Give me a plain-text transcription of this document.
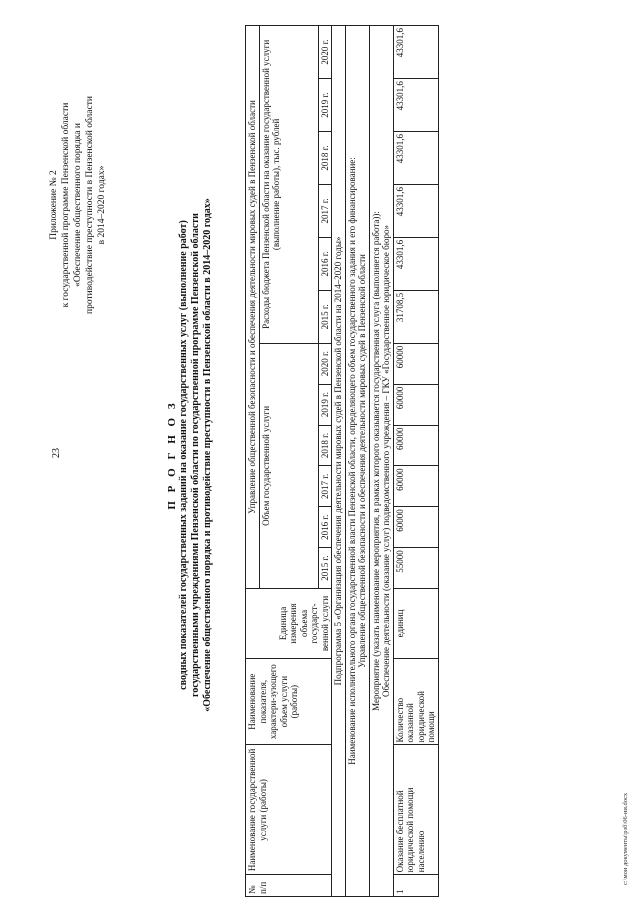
23
Приложение № 2 к государственной программе Пензенской области «Обеспечение общественного порядка и противодействие преступности в Пензенской области в 2014–2020 годах»
П Р О Г Н О З сводных показателей государственных заданий на оказание государственных услуг (выполнение работ) государственными учреждениями Пензенской области по государственной программе Пензенской области «Обеспечение общественного порядка и противодействие преступности в Пензенской области в 2014–2020 годах»
№ п/п	Наименование государственной услуги (работы)	Наименование показателя, характери-зующего объем услуги (работы)	Единица измерения объема государст-венной услуги	Управление общественной безопасности и обеспечения деятельности мировых судей в Пензенской области											
				Объем государственной услуги						Расходы бюджета Пензенской области на оказание государственной услуги (выполнение работы), тыс. рублей					
				2015 г.	2016 г.	2017 г.	2018 г.	2019 г.	2020 г.	2015 г.	2016 г.	2017 г.	2018 г.	2019 г.	2020 г.
Подпрограмма 5 «Организация обеспечения деятельности мировых судей в Пензенской области на 2014–2020 годы»															

Наименование исполнительного органа государственной власти Пензенской области, определяющего объем государственного задания и его финансирование: Управление общественной безопасности и обеспечения деятельности мировых судей в Пензенской области															

Мероприятие (указать наименование мероприятия, в рамках которого оказывается государственная услуга (выполняется работа)): Обеспечение деятельности (оказание услуг) подведомственного учреждения – ГКУ «Государственное юридическое бюро»															

1	Оказание бесплатной юридической помощи населению	Количество оказанной юридической помощи	единиц	55000	60000	60000	60000	60000	60000	31708,5	43301,6	43301,6	43301,6	43301,6	43301,6
c:\мои документы\рзб\06-ии.docx
